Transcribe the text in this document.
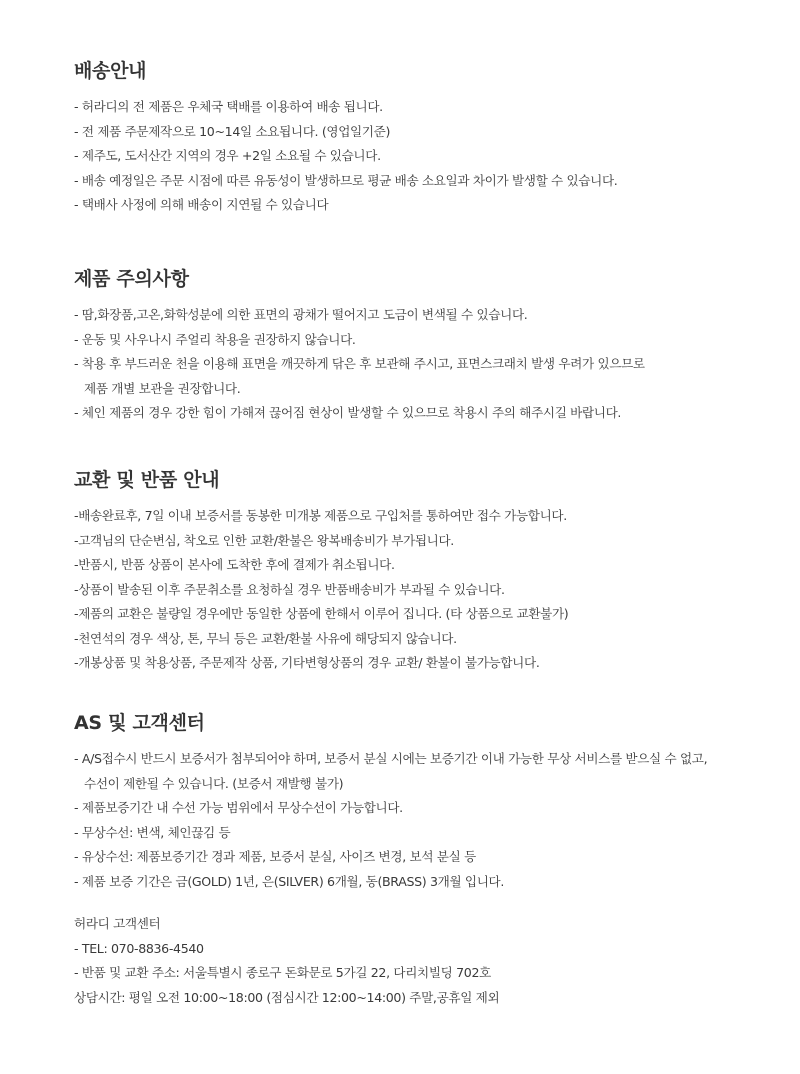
배송안내
- 허라디의 전 제품은 우체국 택배를 이용하여 배송 됩니다.
- 전 제품 주문제작으로 10~14일 소요됩니다. (영업일기준)
- 제주도, 도서산간 지역의 경우 +2일 소요될 수 있습니다.
- 배송 예정일은 주문 시점에 따른 유동성이 발생하므로 평균 배송 소요일과 차이가 발생할 수 있습니다.
- 택배사 사정에 의해 배송이 지연될 수 있습니다
제품 주의사항
- 땀,화장품,고온,화학성분에 의한 표면의 광채가 떨어지고 도금이 변색될 수 있습니다.
- 운동 및 사우나시 주얼리 착용을 권장하지 않습니다.
- 착용 후 부드러운 천을 이용해 표면을 깨끗하게 닦은 후 보관해 주시고, 표면스크래치 발생 우려가 있으므로
제품 개별 보관을 권장합니다.
- 체인 제품의 경우 강한 힘이 가해져 끊어짐 현상이 발생할 수 있으므로 착용시 주의 해주시길 바랍니다.
교환 및 반품 안내
-배송완료후, 7일 이내 보증서를 동봉한 미개봉 제품으로 구입처를 통하여만 접수 가능합니다.
-고객님의 단순변심, 착오로 인한 교환/환불은 왕복배송비가 부가됩니다.
-반품시, 반품 상품이 본사에 도착한 후에 결제가 취소됩니다.
-상품이 발송된 이후 주문취소를 요청하실 경우 반품배송비가 부과될 수 있습니다.
-제품의 교환은 불량일 경우에만 동일한 상품에 한해서 이루어 집니다. (타 상품으로 교환불가)
-천연석의 경우 색상, 톤, 무늬 등은 교환/환불 사유에 해당되지 않습니다.
-개봉상품 및 착용상품, 주문제작 상품, 기타변형상품의 경우 교환/ 환불이 불가능합니다.
AS 및 고객센터
- A/S접수시 반드시 보증서가 첨부되어야 하며, 보증서 분실 시에는 보증기간 이내 가능한 무상 서비스를 받으실 수 없고,
수선이 제한될 수 있습니다. (보증서 재발행 불가)
- 제품보증기간 내 수선 가능 범위에서 무상수선이 가능합니다.
- 무상수선: 변색, 체인끊김 등
- 유상수선: 제품보증기간 경과 제품, 보증서 분실, 사이즈 변경, 보석 분실 등
- 제품 보증 기간은 금(GOLD) 1년, 은(SILVER) 6개월, 동(BRASS) 3개월 입니다.
허라디 고객센터
- TEL: 070-8836-4540
- 반품 및 교환 주소: 서울특별시 종로구 돈화문로 5가길 22, 다리치빌딩 702호
상담시간: 평일 오전 10:00~18:00 (점심시간 12:00~14:00) 주말,공휴일 제외
